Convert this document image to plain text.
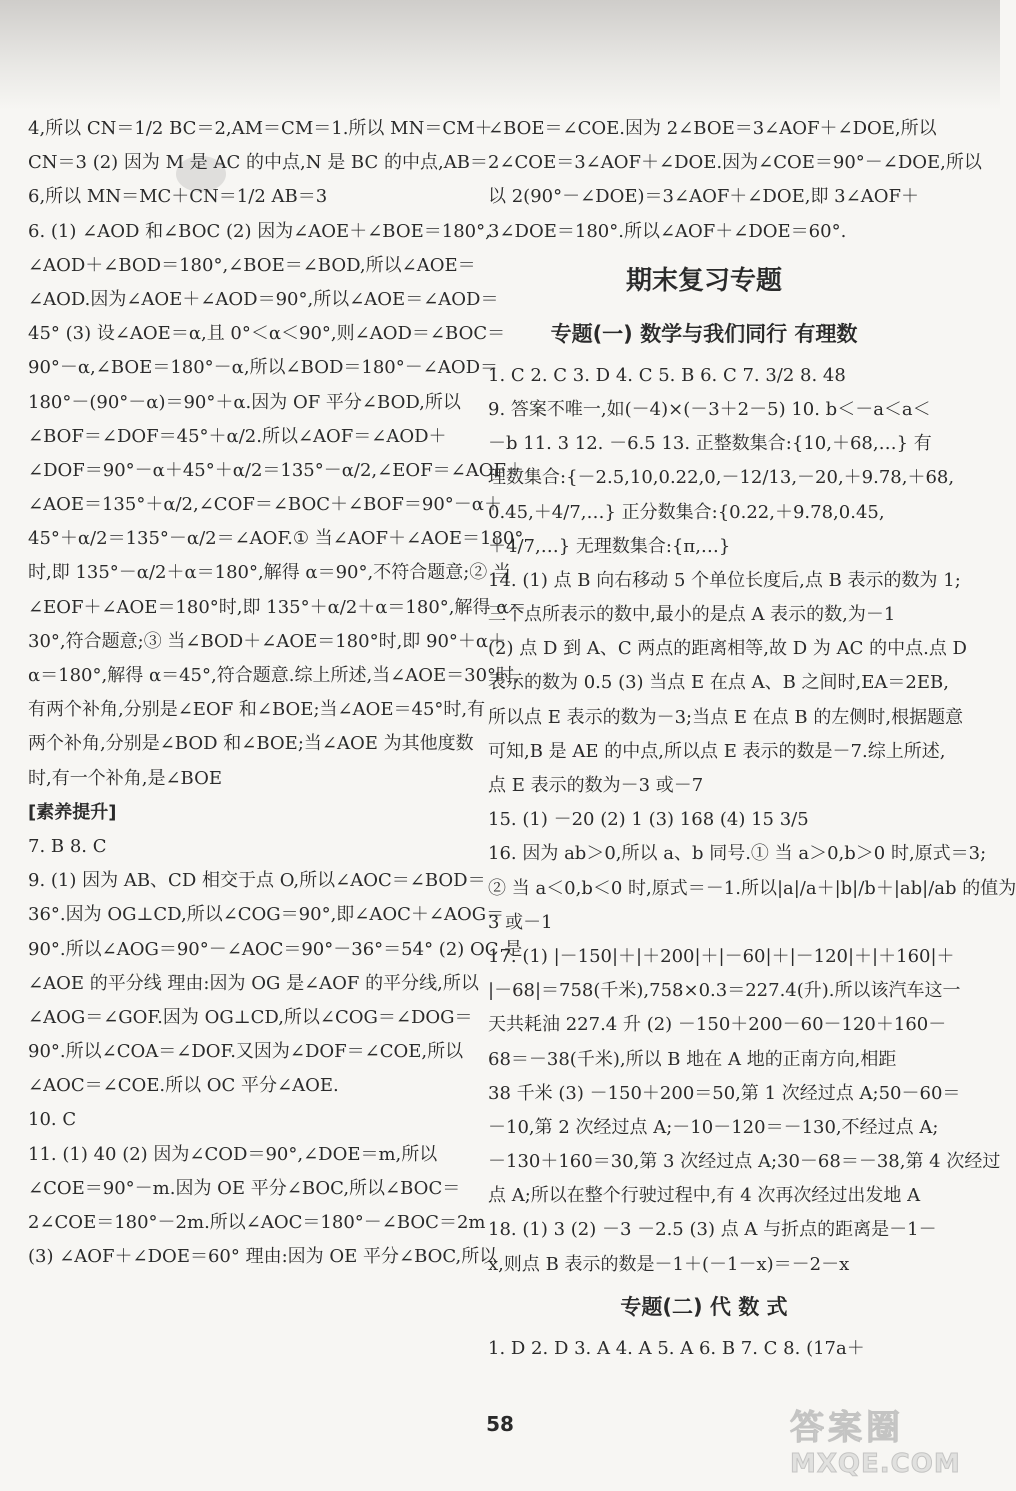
4,所以 CN＝1/2 BC＝2,AM＝CM＝1.所以 MN＝CM＋
CN＝3 (2) 因为 M 是 AC 的中点,N 是 BC 的中点,AB＝
6,所以 MN＝MC＋CN＝1/2 AB＝3
6. (1) ∠AOD 和∠BOC (2) 因为∠AOE＋∠BOE＝180°,
∠AOD＋∠BOD＝180°,∠BOE＝∠BOD,所以∠AOE＝
∠AOD.因为∠AOE＋∠AOD＝90°,所以∠AOE＝∠AOD＝
45° (3) 设∠AOE＝α,且 0°＜α＜90°,则∠AOD＝∠BOC＝
90°－α,∠BOE＝180°－α,所以∠BOD＝180°－∠AOD＝
180°－(90°－α)＝90°＋α.因为 OF 平分∠BOD,所以
∠BOF＝∠DOF＝45°＋α/2.所以∠AOF＝∠AOD＋
∠DOF＝90°－α＋45°＋α/2＝135°－α/2,∠EOF＝∠AOF＋
∠AOE＝135°＋α/2,∠COF＝∠BOC＋∠BOF＝90°－α＋
45°＋α/2＝135°－α/2＝∠AOF.① 当∠AOF＋∠AOE＝180°
时,即 135°－α/2＋α＝180°,解得 α＝90°,不符合题意;② 当
∠EOF＋∠AOE＝180°时,即 135°＋α/2＋α＝180°,解得 α＝
30°,符合题意;③ 当∠BOD＋∠AOE＝180°时,即 90°＋α＋
α＝180°,解得 α＝45°,符合题意.综上所述,当∠AOE＝30°时,
有两个补角,分别是∠EOF 和∠BOE;当∠AOE＝45°时,有
两个补角,分别是∠BOD 和∠BOE;当∠AOE 为其他度数
时,有一个补角,是∠BOE
[素养提升]
7. B 8. C
9. (1) 因为 AB、CD 相交于点 O,所以∠AOC＝∠BOD＝
36°.因为 OG⊥CD,所以∠COG＝90°,即∠AOC＋∠AOG＝
90°.所以∠AOG＝90°－∠AOC＝90°－36°＝54° (2) OC 是
∠AOE 的平分线 理由:因为 OG 是∠AOF 的平分线,所以
∠AOG＝∠GOF.因为 OG⊥CD,所以∠COG＝∠DOG＝
90°.所以∠COA＝∠DOF.又因为∠DOF＝∠COE,所以
∠AOC＝∠COE.所以 OC 平分∠AOE.
10. C
11. (1) 40 (2) 因为∠COD＝90°,∠DOE＝m,所以
∠COE＝90°－m.因为 OE 平分∠BOC,所以∠BOC＝
2∠COE＝180°－2m.所以∠AOC＝180°－∠BOC＝2m
(3) ∠AOF＋∠DOE＝60° 理由:因为 OE 平分∠BOC,所以
∠BOE＝∠COE.因为 2∠BOE＝3∠AOF＋∠DOE,所以
2∠COE＝3∠AOF＋∠DOE.因为∠COE＝90°－∠DOE,所以
以 2(90°－∠DOE)＝3∠AOF＋∠DOE,即 3∠AOF＋
3∠DOE＝180°.所以∠AOF＋∠DOE＝60°.
期末复习专题
专题(一) 数学与我们同行 有理数
1. C 2. C 3. D 4. C 5. B 6. C 7. 3/2 8. 48
9. 答案不唯一,如(－4)×(－3＋2－5) 10. b＜－a＜a＜
－b 11. 3 12. －6.5 13. 正整数集合:{10,＋68,…} 有
理数集合:{－2.5,10,0.22,0,－12/13,－20,＋9.78,＋68,
0.45,＋4/7,…} 正分数集合:{0.22,＋9.78,0.45,
＋4/7,…} 无理数集合:{π,…}
14. (1) 点 B 向右移动 5 个单位长度后,点 B 表示的数为 1;
三个点所表示的数中,最小的是点 A 表示的数,为－1
(2) 点 D 到 A、C 两点的距离相等,故 D 为 AC 的中点.点 D
表示的数为 0.5 (3) 当点 E 在点 A、B 之间时,EA＝2EB,
所以点 E 表示的数为－3;当点 E 在点 B 的左侧时,根据题意
可知,B 是 AE 的中点,所以点 E 表示的数是－7.综上所述,
点 E 表示的数为－3 或－7
15. (1) －20 (2) 1 (3) 168 (4) 15 3/5
16. 因为 ab＞0,所以 a、b 同号.① 当 a＞0,b＞0 时,原式＝3;
② 当 a＜0,b＜0 时,原式＝－1.所以|a|/a＋|b|/b＋|ab|/ab 的值为
3 或－1
17. (1) |－150|＋|＋200|＋|－60|＋|－120|＋|＋160|＋
|－68|＝758(千米),758×0.3＝227.4(升).所以该汽车这一
天共耗油 227.4 升 (2) －150＋200－60－120＋160－
68＝－38(千米),所以 B 地在 A 地的正南方向,相距
38 千米 (3) －150＋200＝50,第 1 次经过点 A;50－60＝
－10,第 2 次经过点 A;－10－120＝－130,不经过点 A;
－130＋160＝30,第 3 次经过点 A;30－68＝－38,第 4 次经过
点 A;所以在整个行驶过程中,有 4 次再次经过出发地 A
18. (1) 3 (2) －3 －2.5 (3) 点 A 与折点的距离是－1－
x,则点 B 表示的数是－1＋(－1－x)＝－2－x
专题(二) 代 数 式
1. D 2. D 3. A 4. A 5. A 6. B 7. C 8. (17a＋
58	答案圈
MXQE.COM
